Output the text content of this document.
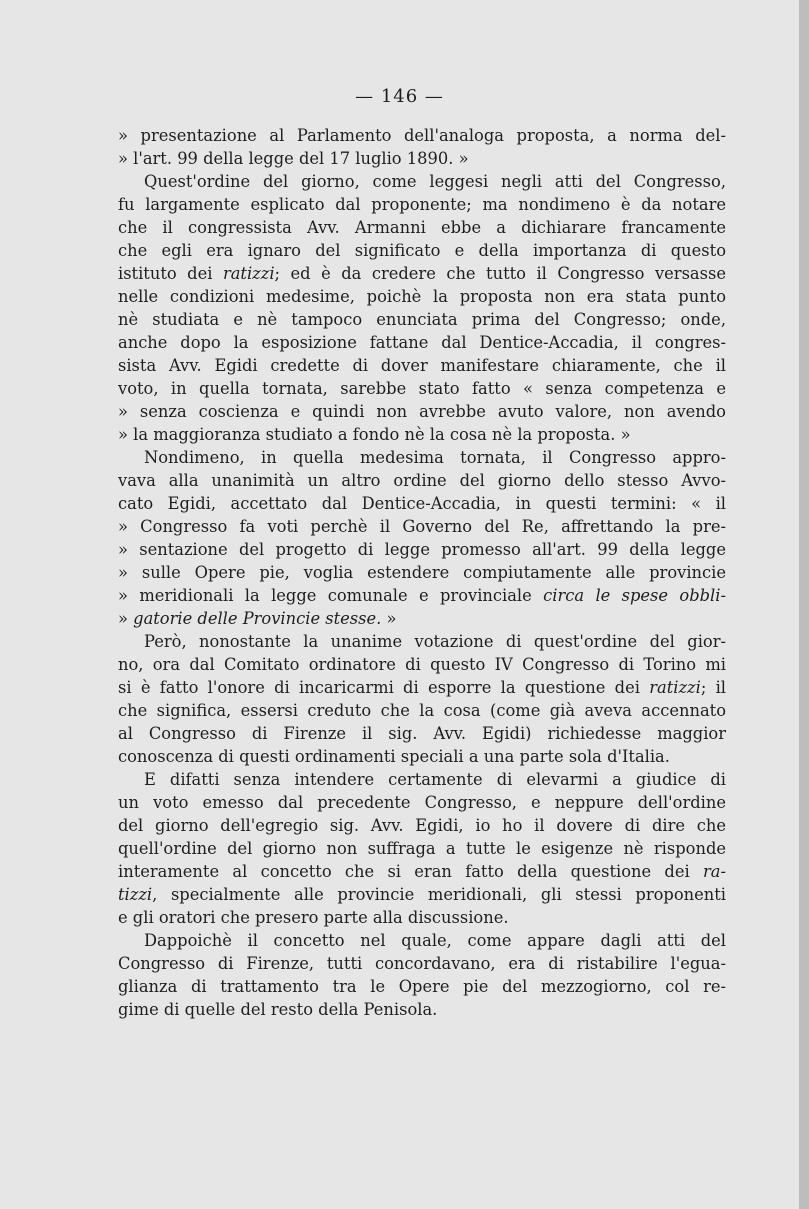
— 146 —
» presentazione al Parlamento dell'analoga proposta, a norma del-
» l'art. 99 della legge del 17 luglio 1890. »
Quest'ordine del giorno, come leggesi negli atti del Congresso,
fu largamente esplicato dal proponente; ma nondimeno è da notare
che il congressista Avv. Armanni ebbe a dichiarare francamente
che egli era ignaro del significato e della importanza di questo
istituto dei ratizzi; ed è da credere che tutto il Congresso versasse
nelle condizioni medesime, poichè la proposta non era stata punto
nè studiata e nè tampoco enunciata prima del Congresso; onde,
anche dopo la esposizione fattane dal Dentice-Accadia, il congres-
sista Avv. Egidi credette di dover manifestare chiaramente, che il
voto, in quella tornata, sarebbe stato fatto « senza competenza e
» senza coscienza e quindi non avrebbe avuto valore, non avendo
» la maggioranza studiato a fondo nè la cosa nè la proposta. »
Nondimeno, in quella medesima tornata, il Congresso appro-
vava alla unanimità un altro ordine del giorno dello stesso Avvo-
cato Egidi, accettato dal Dentice-Accadia, in questi termini: « il
» Congresso fa voti perchè il Governo del Re, affrettando la pre-
» sentazione del progetto di legge promesso all'art. 99 della legge
» sulle Opere pie, voglia estendere compiutamente alle provincie
» meridionali la legge comunale e provinciale circa le spese obbli-
» gatorie delle Provincie stesse. »
Però, nonostante la unanime votazione di quest'ordine del gior-
no, ora dal Comitato ordinatore di questo IV Congresso di Torino mi
si è fatto l'onore di incaricarmi di esporre la questione dei ratizzi; il
che significa, essersi creduto che la cosa (come già aveva accennato
al Congresso di Firenze il sig. Avv. Egidi) richiedesse maggior
conoscenza di questi ordinamenti speciali a una parte sola d'Italia.
E difatti senza intendere certamente di elevarmi a giudice di
un voto emesso dal precedente Congresso, e neppure dell'ordine
del giorno dell'egregio sig. Avv. Egidi, io ho il dovere di dire che
quell'ordine del giorno non suffraga a tutte le esigenze nè risponde
interamente al concetto che si eran fatto della questione dei ra-
tizzi, specialmente alle provincie meridionali, gli stessi proponenti
e gli oratori che presero parte alla discussione.
Dappoichè il concetto nel quale, come appare dagli atti del
Congresso di Firenze, tutti concordavano, era di ristabilire l'egua-
glianza di trattamento tra le Opere pie del mezzogiorno, col re-
gime di quelle del resto della Penisola.
